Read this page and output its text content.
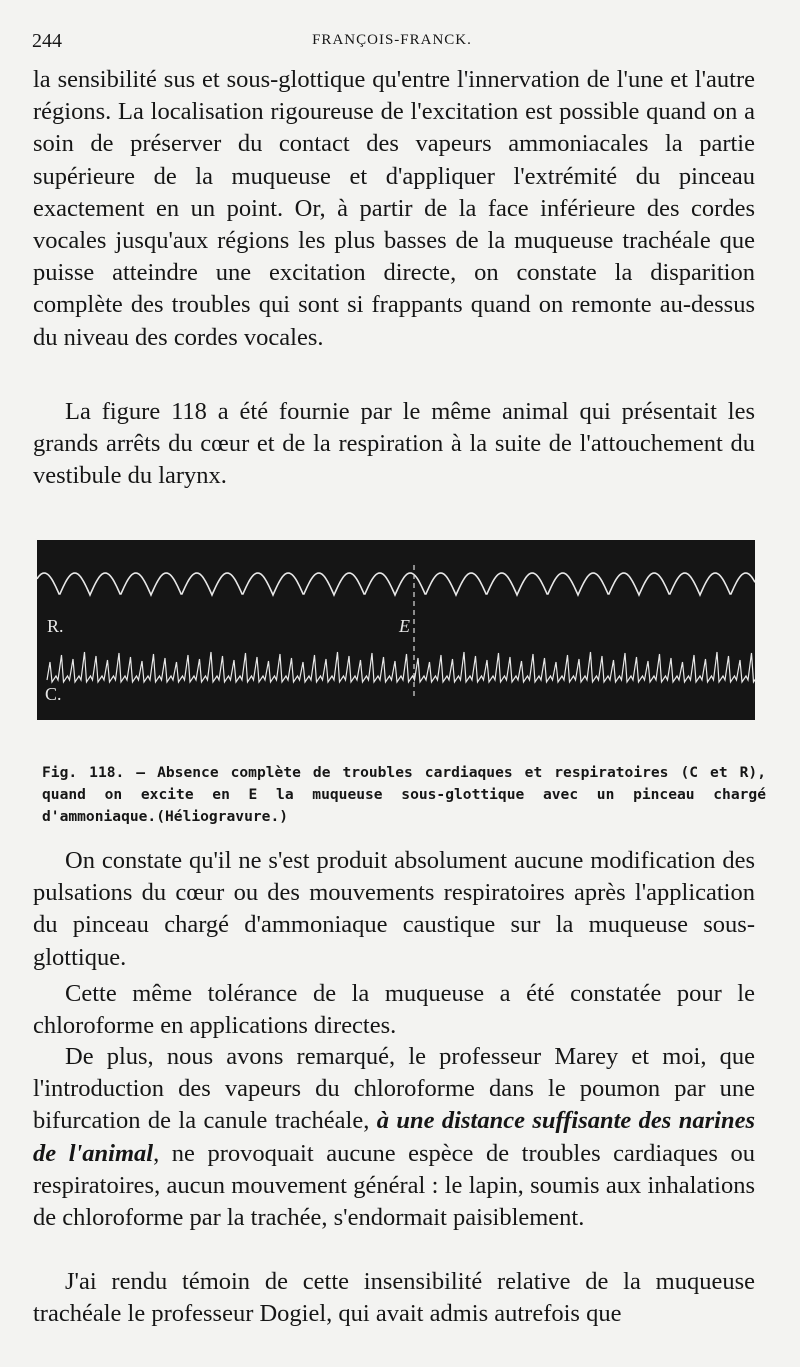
244	FRANÇOIS-FRANCK.

la sensibilité sus et sous-glottique qu'entre l'innervation de l'une et l'autre régions. La localisation rigoureuse de l'excitation est possible quand on a soin de préserver du contact des vapeurs ammoniacales la partie supérieure de la muqueuse et d'appliquer l'extrémité du pinceau exactement en un point. Or, à partir de la face inférieure des cordes vocales jusqu'aux régions les plus basses de la muqueuse trachéale que puisse atteindre une excitation directe, on constate la disparition complète des troubles qui sont si frappants quand on remonte au-dessus du niveau des cordes vocales.

La figure 118 a été fournie par le même animal qui présentait les grands arrêts du cœur et de la respiration à la suite de l'attouchement du vestibule du larynx.

R.	E
C.

Fig. 118. — Absence complète de troubles cardiaques et respiratoires (C et R), quand on excite en E la muqueuse sous-glottique avec un pinceau chargé d'ammoniaque.(Héliogravure.)

On constate qu'il ne s'est produit absolument aucune modification des pulsations du cœur ou des mouvements respiratoires après l'application du pinceau chargé d'ammoniaque caustique sur la muqueuse sous-glottique.

Cette même tolérance de la muqueuse a été constatée pour le chloroforme en applications directes.

De plus, nous avons remarqué, le professeur Marey et moi, que l'introduction des vapeurs du chloroforme dans le poumon par une bifurcation de la canule trachéale, à une distance suffisante des narines de l'animal, ne provoquait aucune espèce de troubles cardiaques ou respiratoires, aucun mouvement général : le lapin, soumis aux inhalations de chloroforme par la trachée, s'endormait paisiblement.

J'ai rendu témoin de cette insensibilité relative de la muqueuse trachéale le professeur Dogiel, qui avait admis autrefois que
